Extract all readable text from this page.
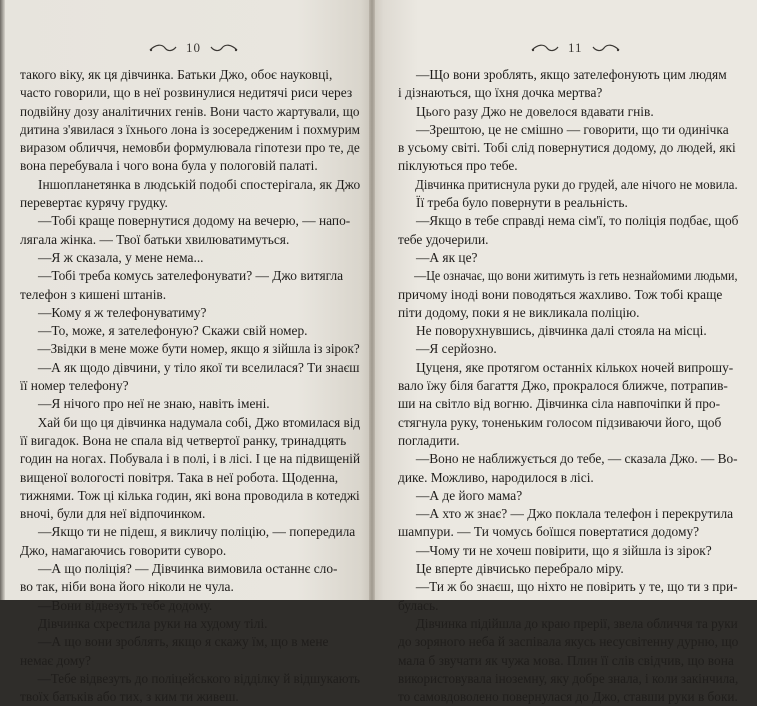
10
такого віку, як ця дівчинка. Батьки Джо, обоє науковці,
часто говорили, що в неї розвинулися недитячі риси через
подвійну дозу аналітичних генів. Вони часто жартували, що
дитина з'явилася з їхнього лона із зосередженим і похмурим
виразом обличчя, немовби формулювала гіпотези про те, де
вона перебувала і чого вона була у пологовій палаті.
Іншопланетянка в людській подобі спостерігала, як Джо
перевертає курячу грудку.
—Тобі краще повернутися додому на вечерю, — напо-
лягала жінка. — Твої батьки хвилюватимуться.
—Я ж сказала, у мене нема...
—Тобі треба комусь зателефонувати? — Джо витягла
телефон з кишені штанів.
—Кому я ж телефонуватиму?
—То, може, я зателефоную? Скажи свій номер.
—Звідки в мене може бути номер, якщо я зійшла із зірок?
—А як щодо дівчини, у тіло якої ти вселилася? Ти знаєш
її номер телефону?
—Я нічого про неї не знаю, навіть імені.
Хай би що ця дівчинка надумала собі, Джо втомилася від
її вигадок. Вона не спала від четвертої ранку, тринадцять
годин на ногах. Побувала і в полі, і в лісі. І це на підвищеній
вищеної вологості повітря. Така в неї робота. Щоденна,
тижнями. Тож ці кілька годин, які вона проводила в котеджі
вночі, були для неї відпочинком.
—Якщо ти не підеш, я викличу поліцію, — попередила
Джо, намагаючись говорити суворо.
—А що поліція? — Дівчинка вимовила останнє сло-
во так, ніби вона його ніколи не чула.
—Вони відвезуть тебе додому.
Дівчинка схрестила руки на худому тілі.
—А що вони зроблять, якщо я скажу їм, що в мене
немає дому?
—Тебе відвезуть до поліцейського відділку й відшукають
твоїх батьків або тих, з ким ти живеш.
11
—Що вони зроблять, якщо зателефонують цим людям
і дізнаються, що їхня дочка мертва?
Цього разу Джо не довелося вдавати гнів.
—Зрештою, це не смішно — говорити, що ти одинічка
в усьому світі. Тобі слід повернутися додому, до людей, які
піклуються про тебе.
Дівчинка притиснула руки до грудей, але нічого не мовила.
Її треба було повернути в реальність.
—Якщо в тебе справді нема сім'ї, то поліція подбає, щоб
тебе удочерили.
—А як це?
—Це означає, що вони житимуть із геть незнайомими людьми,
причому іноді вони поводяться жахливо. Тож тобі краще
піти додому, поки я не викликала поліцію.
Не поворухнувшись, дівчинка далі стояла на місці.
—Я серйозно.
Цуценя, яке протягом останніх кількох ночей випрошу-
вало їжу біля багаття Джо, прокралося ближче, потрапив-
ши на світло від вогню. Дівчинка сіла навпочіпки й про-
стягнула руку, тоненьким голосом підзиваючи його, щоб
погладити.
—Воно не наближується до тебе, — сказала Джо. — Во-
дике. Можливо, народилося в лісі.
—А де його мама?
—А хто ж знає? — Джо поклала телефон і перекрутила
шампури. — Ти чомусь боїшся повертатися додому?
—Чому ти не хочеш повірити, що я зійшла із зірок?
Це вперте дівчисько перебрало міру.
—Ти ж бо знаєш, що ніхто не повірить у те, що ти з при-
булась.
Дівчинка підійшла до краю прерії, звела обличчя та руки
до зоряного неба й заспівала якусь несусвітенну дурню, що
мала б звучати як чужа мова. Плин її слів свідчив, що вона
використовувала іноземну, яку добре знала, і коли закінчила,
то самовдоволено повернулася до Джо, ставши руки в боки.
